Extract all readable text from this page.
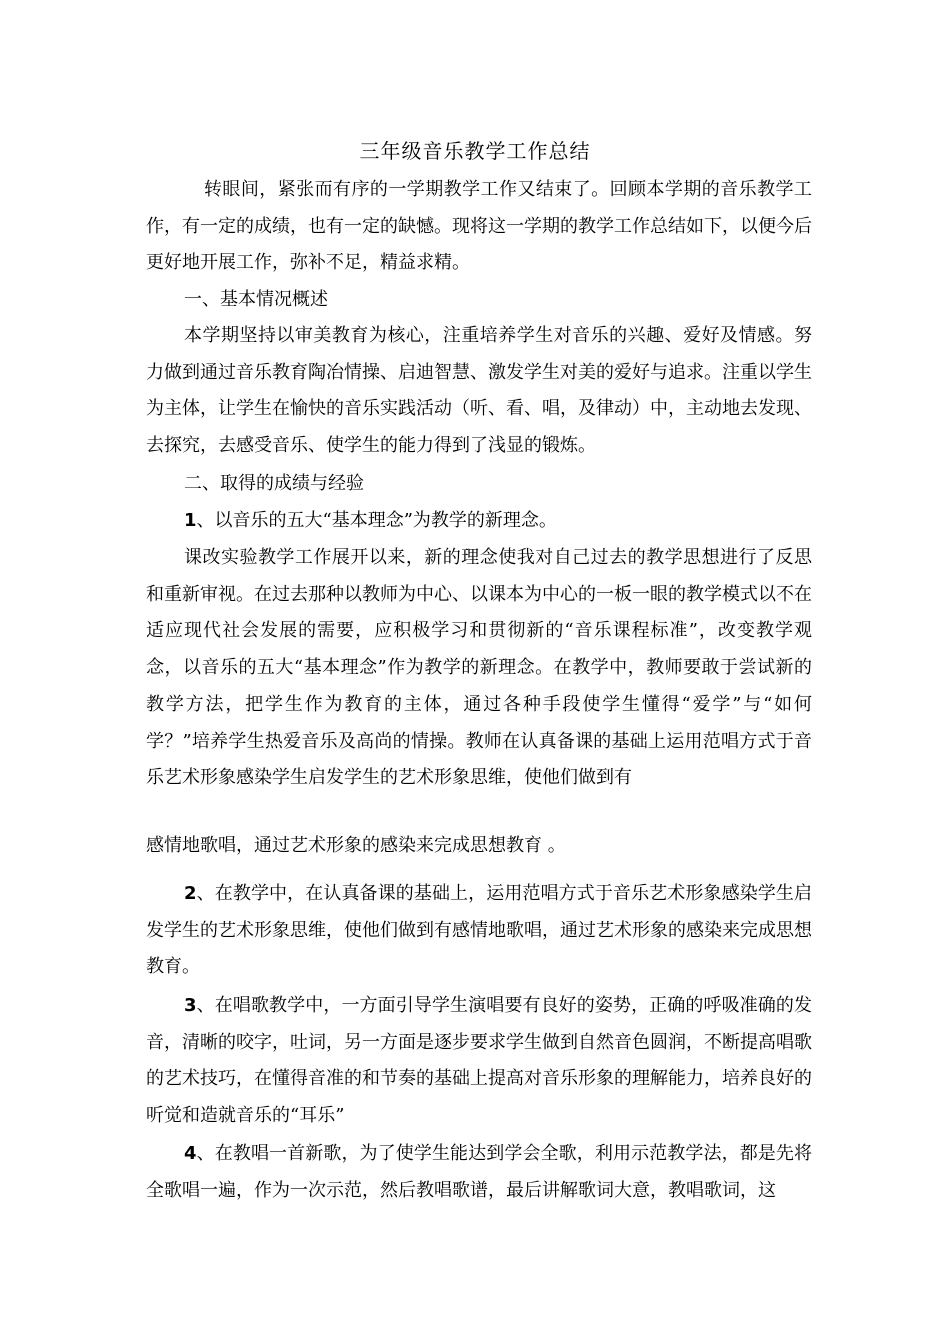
三年级音乐教学工作总结
转眼间，紧张而有序的一学期教学工作又结束了。回顾本学期的音乐教学工作，有一定的成绩，也有一定的缺憾。现将这一学期的教学工作总结如下，以便今后更好地开展工作，弥补不足，精益求精。
一、基本情况概述
本学期坚持以审美教育为核心，注重培养学生对音乐的兴趣、爱好及情感。努力做到通过音乐教育陶冶情操、启迪智慧、激发学生对美的爱好与追求。注重以学生为主体，让学生在愉快的音乐实践活动（听、看、唱，及律动）中，主动地去发现、去探究，去感受音乐、使学生的能力得到了浅显的锻炼。
二、取得的成绩与经验
1、以音乐的五大“基本理念”为教学的新理念。
课改实验教学工作展开以来，新的理念使我对自己过去的教学思想进行了反思和重新审视。在过去那种以教师为中心、以课本为中心的一板一眼的教学模式以不在适应现代社会发展的需要，应积极学习和贯彻新的“音乐课程标准”，改变教学观念，以音乐的五大“基本理念”作为教学的新理念。在教学中，教师要敢于尝试新的教学方法，把学生作为教育的主体，通过各种手段使学生懂得“爱学”与“如何学？”培养学生热爱音乐及高尚的情操。教师在认真备课的基础上运用范唱方式于音乐艺术形象感染学生启发学生的艺术形象思维，使他们做到有
感情地歌唱，通过艺术形象的感染来完成思想教育 。
2、在教学中，在认真备课的基础上，运用范唱方式于音乐艺术形象感染学生启发学生的艺术形象思维，使他们做到有感情地歌唱，通过艺术形象的感染来完成思想教育。
3、在唱歌教学中，一方面引导学生演唱要有良好的姿势，正确的呼吸准确的发音，清晰的咬字，吐词，另一方面是逐步要求学生做到自然音色圆润，不断提高唱歌的艺术技巧，在懂得音准的和节奏的基础上提高对音乐形象的理解能力，培养良好的听觉和造就音乐的“耳乐”
4、在教唱一首新歌，为了使学生能达到学会全歌，利用示范教学法，都是先将全歌唱一遍，作为一次示范，然后教唱歌谱，最后讲解歌词大意，教唱歌词，这
